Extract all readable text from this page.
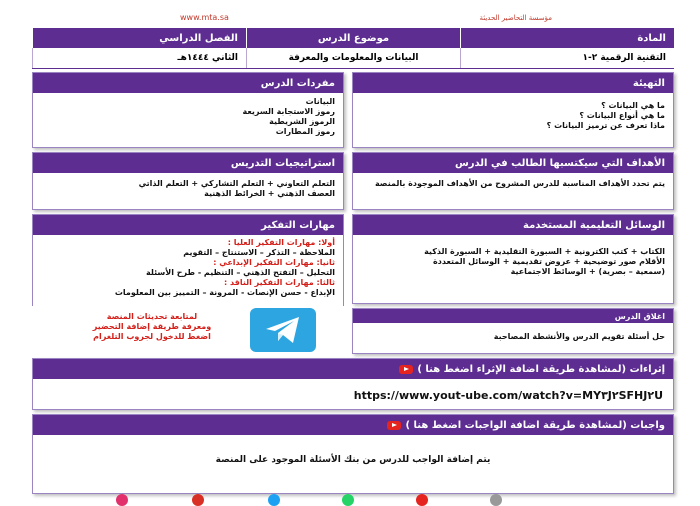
مؤسسة التحاضير الحديثة
www.mta.sa
المادة
موضوع الدرس
الفصل الدراسي
التقنية الرقمية ٢-١
البيانات والمعلومات والمعرفة
الثاني ١٤٤٤هـ
التهيئة
ما هي البيانات ؟
ما هي أنواع البيانات ؟
ماذا تعرف عن ترميز البيانات ؟
مفردات الدرس
البيانات
رموز الاستجابة السريعة
الرموز الشريطية
رموز المطارات
الأهداف التي سيكتسبها الطالب في الدرس
يتم تحدد الأهداف المناسبة للدرس المشروح من الأهداف الموجودة بالمنصة
استراتيجيات التدريس
التعلم التعاوني + التعلم التشاركي + التعلم الذاتي
العصف الذهني + الخرائط الذهنية
الوسائل التعليمية المستخدمة
الكتاب + كتب الكترونية + السبورة التقليدية + السبورة الذكية
الأقلام صور توضيحية + عروض تقديمية + الوسائل المتعددة
(سمعية – بصرية) + الوسائط الاجتماعية
مهارات التفكير
أولا: مهارات التفكير العليا :
الملاحظة – التذكر – الاستنتاج – التقويم
ثانيا: مهارات التفكير الإبداعي :
التحليل – التفتح الذهني – التنظيم - طرح الأسئلة
ثالثا: مهارات التفكير الناقد :
الإبداع - حسن الإنصات - المرونة – التمييز بين المعلومات
لمتابعة تحديثات المنصة
ومعرفة طريقة إضافة التحضير
اضغط للدخول لجروب التلغرام
اغلاق الدرس
حل أسئلة تقويم الدرس والأنشطة المصاحبة
إثراءات (لمشاهدة طريقة اضافة الإثراء اضغط هنا )
https://www.yout-ube.com/watch?v=MY٣J٢SFHJ٢U
واجبات (لمشاهدة طريقة اضافة الواجبات اضغط هنا )
يتم إضافة الواجب للدرس من بنك الأسئلة الموجود على المنصة
